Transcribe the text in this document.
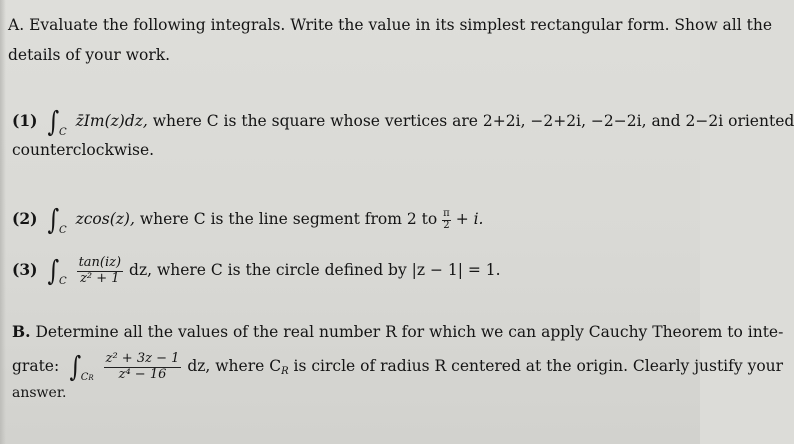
A. Evaluate the following integrals. Write the value in its simplest rectangular form. Show all the
details of your work.
(1) $\int_C$ z̄Im(z)dz, where C is the square whose vertices are 2+2i, −2+2i, −2−2i, and 2−2i oriented
counterclockwise.
(2) $\int_C$ zcos(z), where C is the line segment from 2 to $\frac{\pi}{2} + i$.
(3) $\int_C \frac{\tan(iz)}{\text{z² + 1}}$ dz, where C is the circle defined by |z − 1| = 1.
B. Determine all the values of the real number R for which we can apply Cauchy Theorem to inte-
grate: $\int_{CR} \frac{\text{z² + 3z − 1}}{\text{z⁴ − 16}}$ dz, where CR is circle of radius R centered at the origin. Clearly justify your
answer.
